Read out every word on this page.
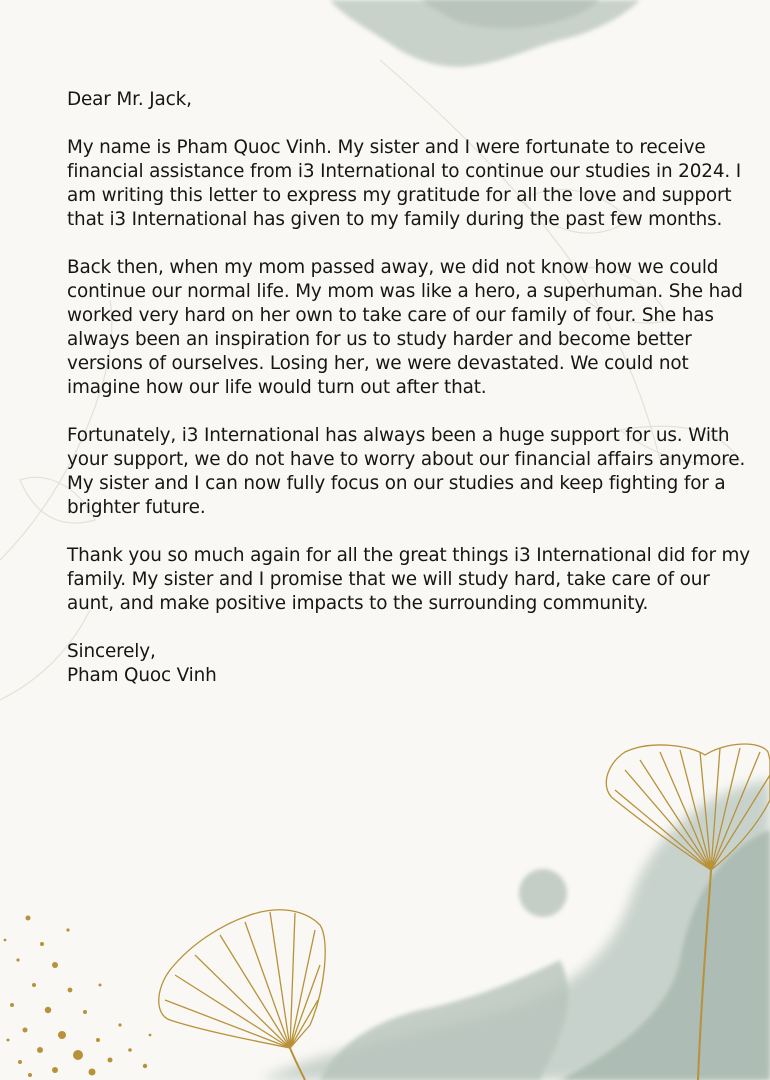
Dear Mr. Jack,

My name is Pham Quoc Vinh. My sister and I were fortunate to receive financial assistance from i3 International to continue our studies in 2024. I am writing this letter to express my gratitude for all the love and support that i3 International has given to my family during the past few months.

Back then, when my mom passed away, we did not know how we could continue our normal life. My mom was like a hero, a superhuman. She had worked very hard on her own to take care of our family of four. She has always been an inspiration for us to study harder and become better versions of ourselves. Losing her, we were devastated. We could not imagine how our life would turn out after that.

Fortunately, i3 International has always been a huge support for us. With your support, we do not have to worry about our financial affairs anymore. My sister and I can now fully focus on our studies and keep fighting for a brighter future.

Thank you so much again for all the great things i3 International did for my family. My sister and I promise that we will study hard, take care of our aunt, and make positive impacts to the surrounding community.

Sincerely,
Pham Quoc Vinh
